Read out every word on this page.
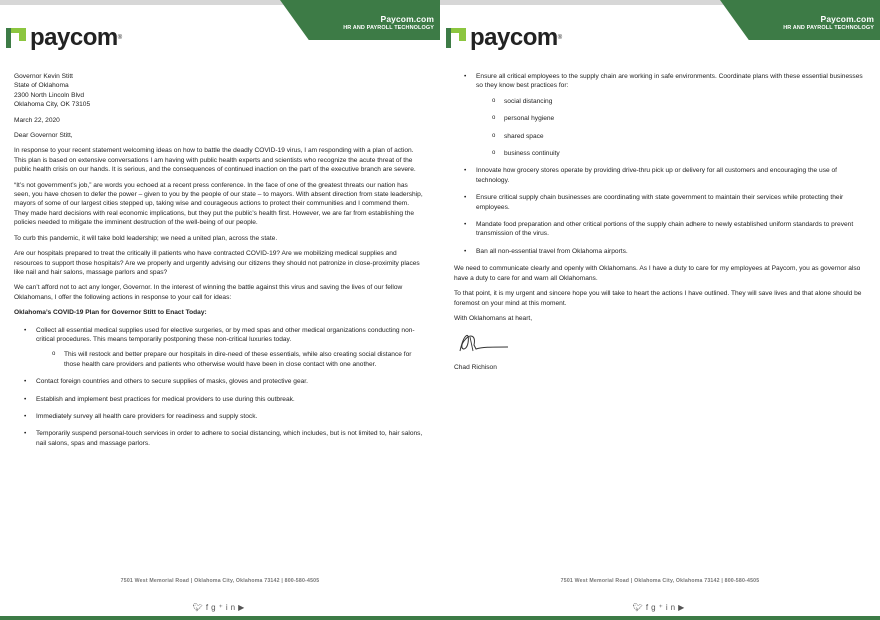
Paycom.com
HR AND PAYROLL TECHNOLOGY
paycom ®

Governor Kevin Stitt

State of Oklahoma

2300 North Lincoln Blvd

Oklahoma City, OK 73105

March 22, 2020

Dear Governor Stitt,

In response to your recent statement welcoming ideas on how to battle the deadly COVID-19 virus, I am responding with a plan of action. This plan is based on extensive conversations I am having with public health experts and scientists who recognize the acute threat of the public health crisis on our hands. It is serious, and the consequences of continued inaction on the part of the executive branch are severe.

“It’s not government’s job,” are words you echoed at a recent press conference. In the face of one of the greatest threats our nation has seen, you have chosen to defer the power – given to you by the people of our state – to mayors. With absent direction from state leadership, mayors of some of our largest cities stepped up, taking wise and courageous actions to protect their communities and I commend them. They made hard decisions with real economic implications, but they put the public’s health first. However, we are far from establishing the policies needed to mitigate the imminent destruction of the well-being of our people.

To curb this pandemic, it will take bold leadership; we need a united plan, across the state.

Are our hospitals prepared to treat the critically ill patients who have contracted COVID-19? Are we mobilizing medical supplies and resources to support those hospitals? Are we properly and urgently advising our citizens they should not patronize in close-proximity places like nail and hair salons, massage parlors and spas?

We can’t afford not to act any longer, Governor. In the interest of winning the battle against this virus and saving the lives of our fellow Oklahomans, I offer the following actions in response to your call for ideas:

Oklahoma’s COVID-19 Plan for Governor Stitt to Enact Today:

• Collect all essential medical supplies used for elective surgeries, or by med spas and other medical organizations conducting non-critical procedures. This means temporarily postponing these non-critical luxuries today.
o This will restock and better prepare our hospitals in dire-need of these essentials, while also creating social distance for those health care providers and patients who otherwise would have been in close contact with one another.
• Contact foreign countries and others to secure supplies of masks, gloves and protective gear.
• Establish and implement best practices for medical providers to use during this outbreak.
• Immediately survey all health care providers for readiness and supply stock.
• Temporarily suspend personal-touch services in order to adhere to social distancing, which includes, but is not limited to, hair salons, nail salons, spas and massage parlors.
7501 West Memorial Road | Oklahoma City, Oklahoma 73142 | 800-580-4505
🐦︎fg⁺in▶
Paycom.com
HR AND PAYROLL TECHNOLOGY
paycom ®
• Ensure all critical employees to the supply chain are working in safe environments. Coordinate plans with these essential businesses so they know best practices for:
o social distancing
o personal hygiene
o shared space
o business continuity
• Innovate how grocery stores operate by providing drive-thru pick up or delivery for all customers and encouraging the use of technology.
• Ensure critical supply chain businesses are coordinating with state government to maintain their services while protecting their employees.
• Mandate food preparation and other critical portions of the supply chain adhere to newly established uniform standards to prevent transmission of the virus.
• Ban all non-essential travel from Oklahoma airports.

We need to communicate clearly and openly with Oklahomans. As I have a duty to care for my employees at Paycom, you as governor also have a duty to care for and warn all Oklahomans.

To that point, it is my urgent and sincere hope you will take to heart the actions I have outlined. They will save lives and that alone should be foremost on your mind at this moment.

With Oklahomans at heart,

Chad Richison

7501 West Memorial Road | Oklahoma City, Oklahoma 73142 | 800-580-4505
🐦︎fg⁺in▶
